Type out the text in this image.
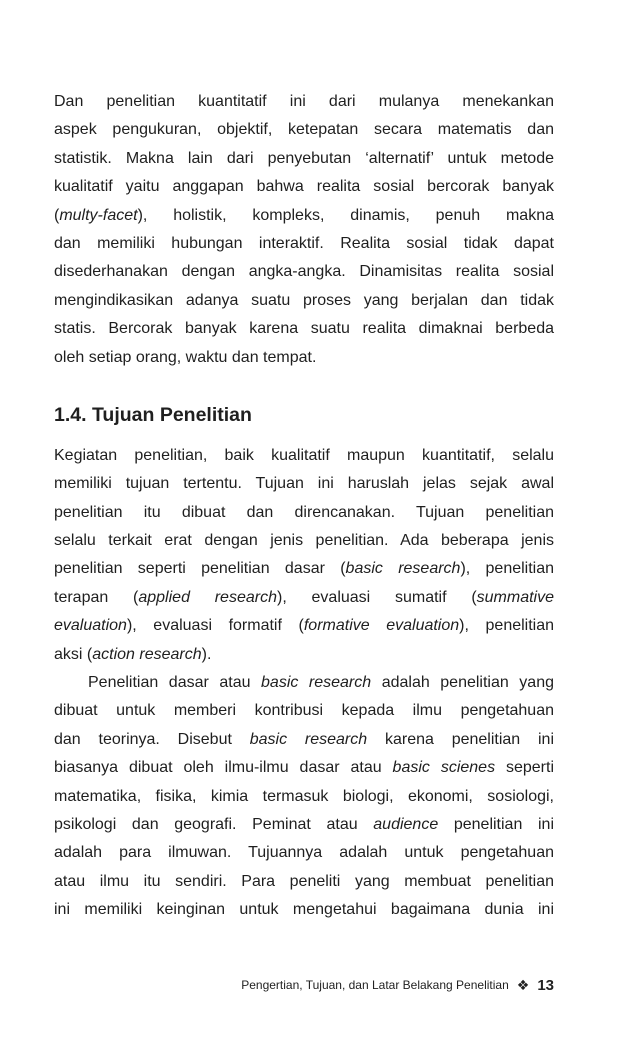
Dan penelitian kuantitatif ini dari mulanya menekankan
aspek pengukuran, objektif, ketepatan secara matematis dan
statistik. Makna lain dari penyebutan ‘alternatif’ untuk metode
kualitatif yaitu anggapan bahwa realita sosial bercorak banyak
(multy-facet), holistik, kompleks, dinamis, penuh makna
dan memiliki hubungan interaktif. Realita sosial tidak dapat
disederhanakan dengan angka-angka. Dinamisitas realita sosial
mengindikasikan adanya suatu proses yang berjalan dan tidak
statis. Bercorak banyak karena suatu realita dimaknai berbeda
oleh setiap orang, waktu dan tempat.
1.4. Tujuan Penelitian
Kegiatan penelitian, baik kualitatif maupun kuantitatif, selalu
memiliki tujuan tertentu. Tujuan ini haruslah jelas sejak awal
penelitian itu dibuat dan direncanakan. Tujuan penelitian
selalu terkait erat dengan jenis penelitian. Ada beberapa jenis
penelitian seperti penelitian dasar (basic research), penelitian
terapan (applied research), evaluasi sumatif (summative
evaluation), evaluasi formatif (formative evaluation), penelitian
aksi (action research).
Penelitian dasar atau basic research adalah penelitian yang
dibuat untuk memberi kontribusi kepada ilmu pengetahuan
dan teorinya. Disebut basic research karena penelitian ini
biasanya dibuat oleh ilmu-ilmu dasar atau basic scienes seperti
matematika, fisika, kimia termasuk biologi, ekonomi, sosiologi,
psikologi dan geografi. Peminat atau audience penelitian ini
adalah para ilmuwan. Tujuannya adalah untuk pengetahuan
atau ilmu itu sendiri. Para peneliti yang membuat penelitian
ini memiliki keinginan untuk mengetahui bagaimana dunia ini
Pengertian, Tujuan, dan Latar Belakang Penelitian ❖ 13
